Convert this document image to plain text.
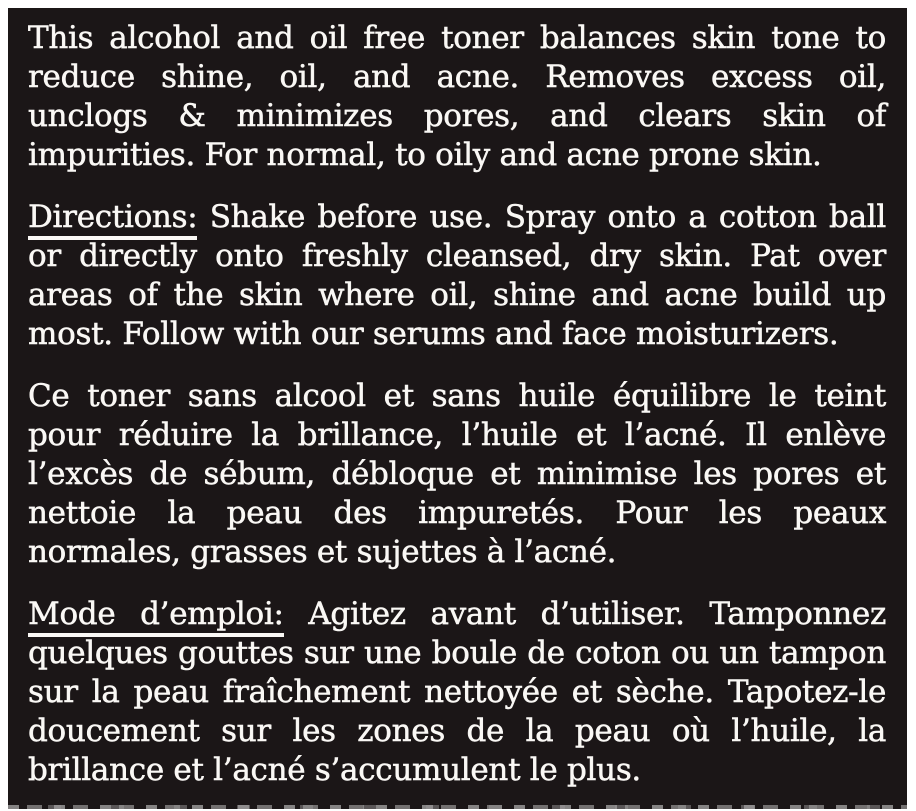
This alcohol and oil free toner balances skin tone to reduce shine, oil, and acne. Removes excess oil, unclogs & minimizes pores, and clears skin of impurities. For normal, to oily and acne prone skin.

Directions: Shake before use. Spray onto a cotton ball or directly onto freshly cleansed, dry skin. Pat over areas of the skin where oil, shine and acne build up most. Follow with our serums and face moisturizers.

Ce toner sans alcool et sans huile équilibre le teint pour réduire la brillance, l’huile et l’acné. Il enlève l’excès de sébum, débloque et minimise les pores et nettoie la peau des impuretés. Pour les peaux normales, grasses et sujettes à l’acné.

Mode d’emploi: Agitez avant d’utiliser. Tamponnez quelques gouttes sur une boule de coton ou un tampon sur la peau fraîchement nettoyée et sèche. Tapotez-le doucement sur les zones de la peau où l’huile, la brillance et l’acné s’accumulent le plus.
